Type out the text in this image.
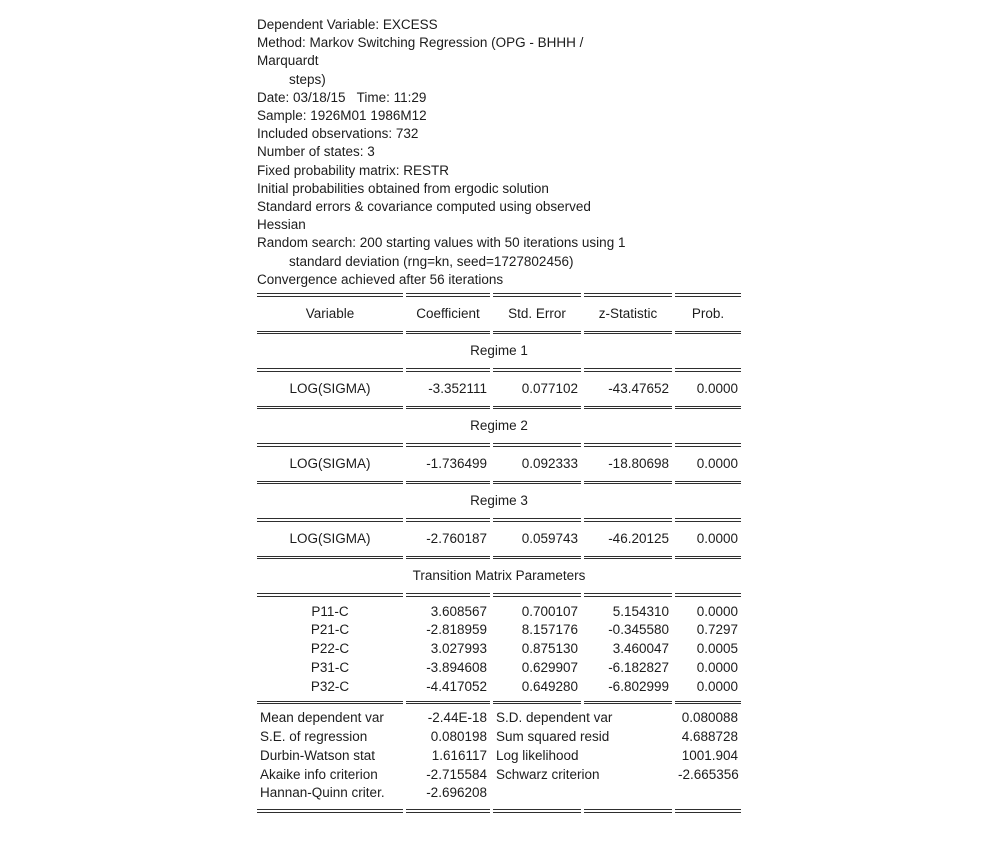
Dependent Variable: EXCESS
Method: Markov Switching Regression (OPG - BHHH /
Marquardt
steps)
Date: 03/18/15   Time: 11:29
Sample: 1926M01 1986M12
Included observations: 732
Number of states: 3
Fixed probability matrix: RESTR
Initial probabilities obtained from ergodic solution
Standard errors & covariance computed using observed
Hessian
Random search: 200 starting values with 50 iterations using 1
standard deviation (rng=kn, seed=1727802456)
Convergence achieved after 56 iterations

Variable	Coefficient	Std. Error	z-Statistic	Prob.

Regime 1				

LOG(SIGMA)	-3.352111	0.077102	-43.47652	0.0000

Regime 2				

LOG(SIGMA)	-1.736499	0.092333	-18.80698	0.0000

Regime 3				

LOG(SIGMA)	-2.760187	0.059743	-46.20125	0.0000

Transition Matrix Parameters				

P11-C	3.608567	0.700107	5.154310	0.0000
P21-C	-2.818959	8.157176	-0.345580	0.7297
P22-C	3.027993	0.875130	3.460047	0.0005
P31-C	-3.894608	0.629907	-6.182827	0.0000
P32-C	-4.417052	0.649280	-6.802999	0.0000

Mean dependent var	-2.44E-18	S.D. dependent var		0.080088
S.E. of regression	0.080198	Sum squared resid		4.688728
Durbin-Watson stat	1.616117	Log likelihood		1001.904
Akaike info criterion	-2.715584	Schwarz criterion		-2.665356
Hannan-Quinn criter.	-2.696208			
